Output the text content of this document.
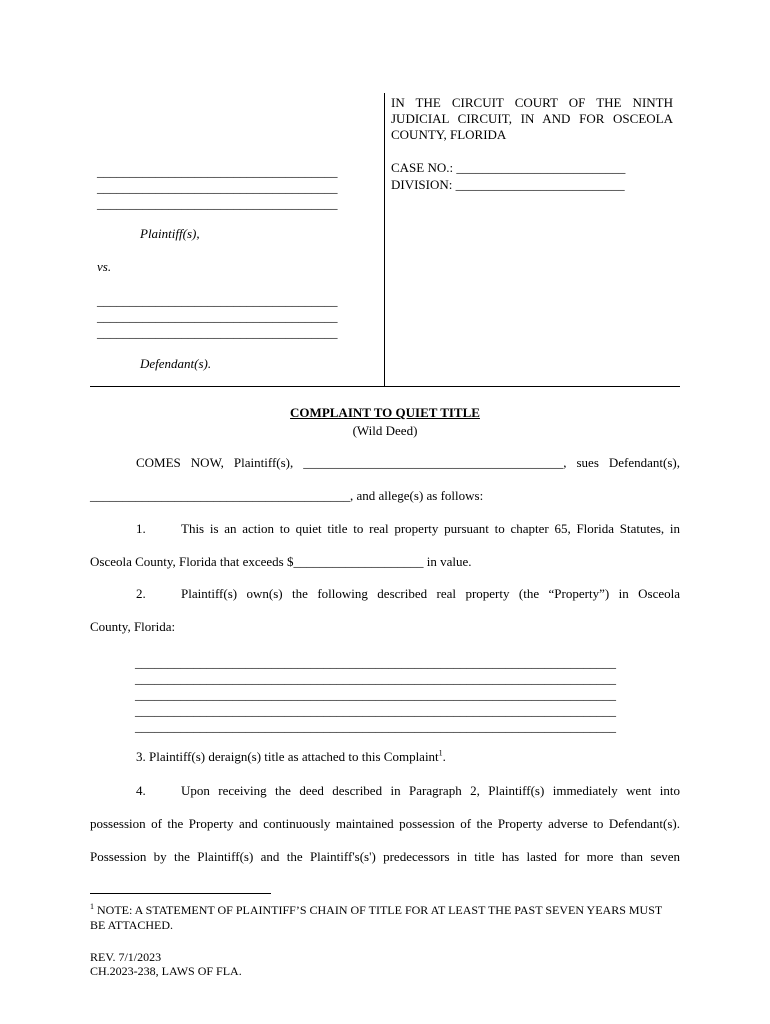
IN THE CIRCUIT COURT OF THE NINTH JUDICIAL CIRCUIT, IN AND FOR OSCEOLA COUNTY, FLORIDA
CASE NO.: __________________________
DIVISION: __________________________
_____________________________________
_____________________________________
_____________________________________
Plaintiff(s),
vs.
_____________________________________
_____________________________________
_____________________________________
Defendant(s).
COMPLAINT TO QUIET TITLE
(Wild Deed)
COMES NOW, Plaintiff(s), ________________________________________, sues Defendant(s),
________________________________________, and allege(s) as follows:
1.	This is an action to quiet title to real property pursuant to chapter 65, Florida Statutes, in
Osceola County, Florida that exceeds $____________________ in value.
2.	Plaintiff(s) own(s) the following described real property (the “Property”) in Osceola
County, Florida:
__________________________________________________________________________
__________________________________________________________________________
__________________________________________________________________________
__________________________________________________________________________
__________________________________________________________________________
3. Plaintiff(s) deraign(s) title as attached to this Complaint$^1$.
4.	Upon receiving the deed described in Paragraph 2, Plaintiff(s) immediately went into
possession of the Property and continuously maintained possession of the Property adverse to Defendant(s).
Possession by the Plaintiff(s) and the Plaintiff's(s') predecessors in title has lasted for more than seven
$^1$ NOTE: A STATEMENT OF PLAINTIFF’S CHAIN OF TITLE FOR AT LEAST THE PAST SEVEN YEARS MUST BE ATTACHED.
REV. 7/1/2023
CH.2023-238, LAWS OF FLA.
